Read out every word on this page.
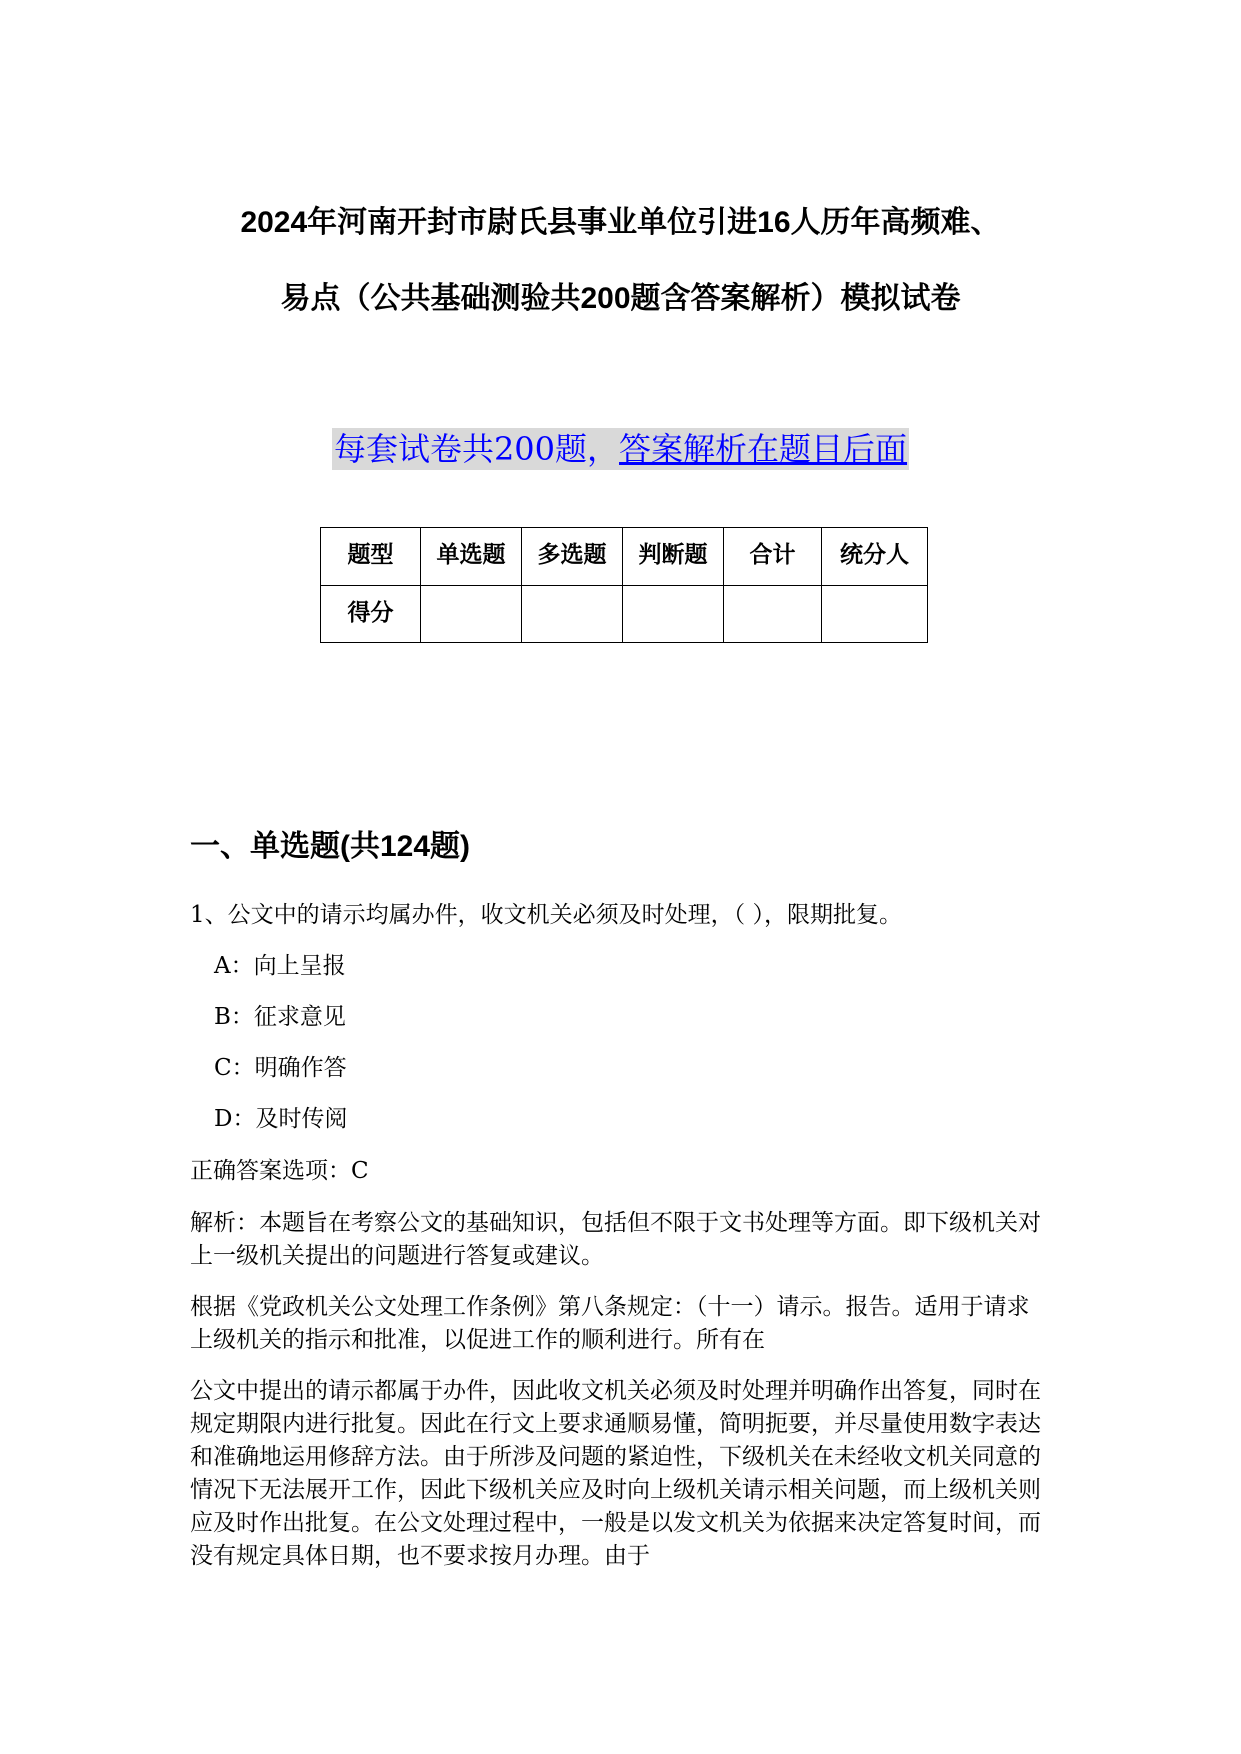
2024年河南开封市尉氏县事业单位引进16人历年高频难、
易点（公共基础测验共200题含答案解析）模拟试卷
每套试卷共200题，答案解析在题目后面
题型	单选题	多选题	判断题	合计	统分人
得分					
一、单选题(共124题)

1、公文中的请示均属办件，收文机关必须及时处理，（ ），限期批复。

A：向上呈报

B：征求意见

C：明确作答

D：及时传阅

正确答案选项：C

解析：本题旨在考察公文的基础知识，包括但不限于文书处理等方面。即下级机关对上一级机关提出的问题进行答复或建议。

根据《党政机关公文处理工作条例》第八条规定：（十一）请示。报告。适用于请求上级机关的指示和批准，以促进工作的顺利进行。所有在

公文中提出的请示都属于办件，因此收文机关必须及时处理并明确作出答复，同时在规定期限内进行批复。因此在行文上要求通顺易懂，简明扼要，并尽量使用数字表达和准确地运用修辞方法。由于所涉及问题的紧迫性，下级机关在未经收文机关同意的情况下无法展开工作，因此下级机关应及时向上级机关请示相关问题，而上级机关则应及时作出批复。在公文处理过程中，一般是以发文机关为依据来决定答复时间，而没有规定具体日期，也不要求按月办理。由于
